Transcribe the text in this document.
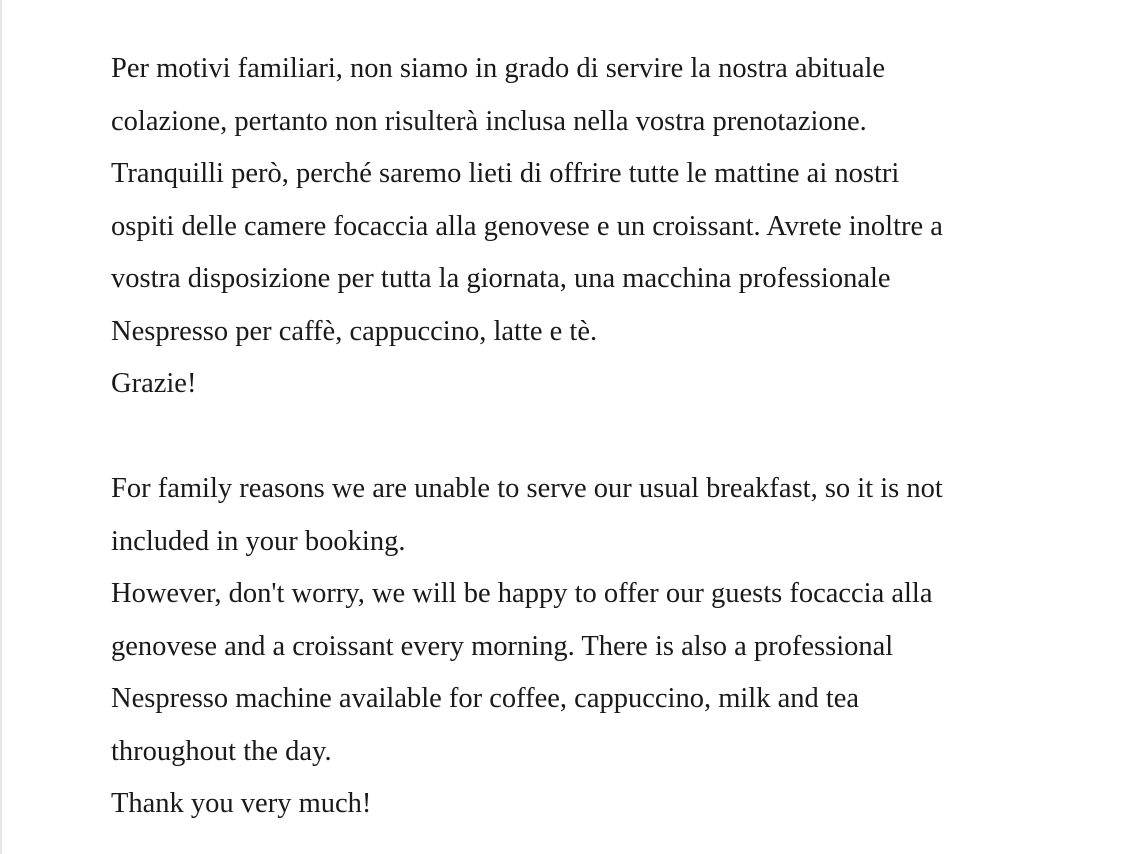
Per motivi familiari, non siamo in grado di servire la nostra abituale
colazione, pertanto non risulterà inclusa nella vostra prenotazione.
Tranquilli però, perché saremo lieti di offrire tutte le mattine ai nostri
ospiti delle camere focaccia alla genovese e un croissant. Avrete inoltre a
vostra disposizione per tutta la giornata, una macchina professionale
Nespresso per caffè, cappuccino, latte e tè.
Grazie!
For family reasons we are unable to serve our usual breakfast, so it is not
included in your booking.
However, don't worry, we will be happy to offer our guests focaccia alla
genovese and a croissant every morning. There is also a professional
Nespresso machine available for coffee, cappuccino, milk and tea
throughout the day.
Thank you very much!
